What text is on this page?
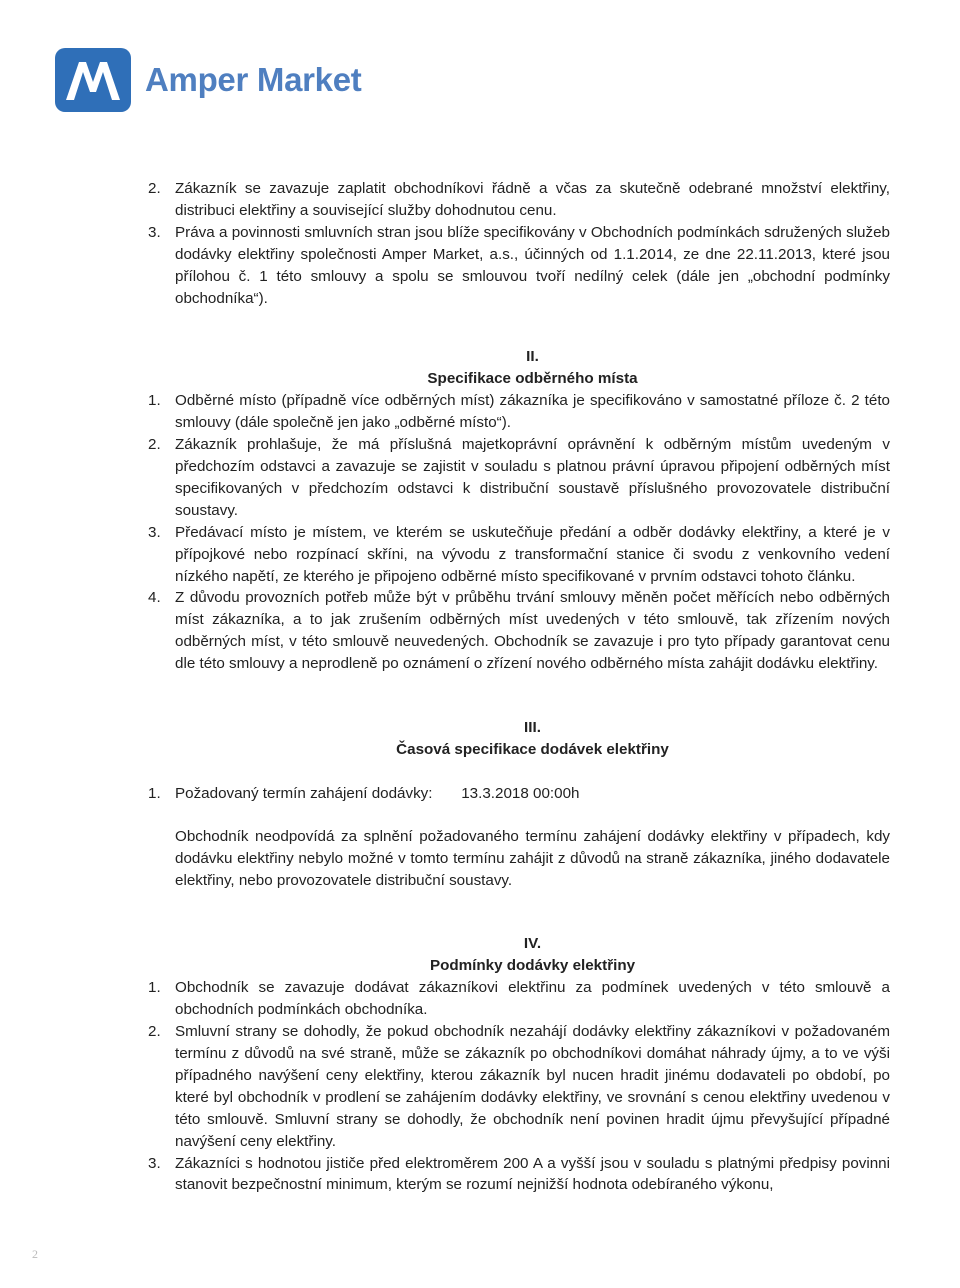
Amper Market
2. Zákazník se zavazuje zaplatit obchodníkovi řádně a včas za skutečně odebrané množství elektřiny, distribuci elektřiny a související služby dohodnutou cenu.
3. Práva a povinnosti smluvních stran jsou blíže specifikovány v Obchodních podmínkách sdružených služeb dodávky elektřiny společnosti Amper Market, a.s., účinných od 1.1.2014, ze dne 22.11.2013, které jsou přílohou č. 1 této smlouvy a spolu se smlouvou tvoří nedílný celek (dále jen „obchodní podmínky obchodníka“).
II.
Specifikace odběrného místa
1. Odběrné místo (případně více odběrných míst) zákazníka je specifikováno v samostatné příloze č. 2 této smlouvy (dále společně jen jako „odběrné místo“).
2. Zákazník prohlašuje, že má příslušná majetkoprávní oprávnění k odběrným místům uvedeným v předchozím odstavci a zavazuje se zajistit v souladu s platnou právní úpravou připojení odběrných míst specifikovaných v předchozím odstavci k distribuční soustavě příslušného provozovatele distribuční soustavy.
3. Předávací místo je místem, ve kterém se uskutečňuje předání a odběr dodávky elektřiny, a které je v přípojkové nebo rozpínací skříni, na vývodu z transformační stanice či svodu z venkovního vedení nízkého napětí, ze kterého je připojeno odběrné místo specifikované v prvním odstavci tohoto článku.
4. Z důvodu provozních potřeb může být v průběhu trvání smlouvy měněn počet měřících nebo odběrných míst zákazníka, a to jak zrušením odběrných míst uvedených v této smlouvě, tak zřízením nových odběrných míst, v této smlouvě neuvedených. Obchodník se zavazuje i pro tyto případy garantovat cenu dle této smlouvy a neprodleně po oznámení o zřízení nového odběrného místa zahájit dodávku elektřiny.
III.
Časová specifikace dodávek elektřiny
1. Požadovaný termín zahájení dodávky: 13.3.2018 00:00h
Obchodník neodpovídá za splnění požadovaného termínu zahájení dodávky elektřiny v případech, kdy dodávku elektřiny nebylo možné v tomto termínu zahájit z důvodů na straně zákazníka, jiného dodavatele elektřiny, nebo provozovatele distribuční soustavy.
IV.
Podmínky dodávky elektřiny
1. Obchodník se zavazuje dodávat zákazníkovi elektřinu za podmínek uvedených v této smlouvě a obchodních podmínkách obchodníka.
2. Smluvní strany se dohodly, že pokud obchodník nezahájí dodávky elektřiny zákazníkovi v požadovaném termínu z důvodů na své straně, může se zákazník po obchodníkovi domáhat náhrady újmy, a to ve výši případného navýšení ceny elektřiny, kterou zákazník byl nucen hradit jinému dodavateli po období, po které byl obchodník v prodlení se zahájením dodávky elektřiny, ve srovnání s cenou elektřiny uvedenou v této smlouvě. Smluvní strany se dohodly, že obchodník není povinen hradit újmu převyšující případné navýšení ceny elektřiny.
3. Zákazníci s hodnotou jističe před elektroměrem 200 A a vyšší jsou v souladu s platnými předpisy povinni stanovit bezpečnostní minimum, kterým se rozumí nejnižší hodnota odebíraného výkonu,
2
